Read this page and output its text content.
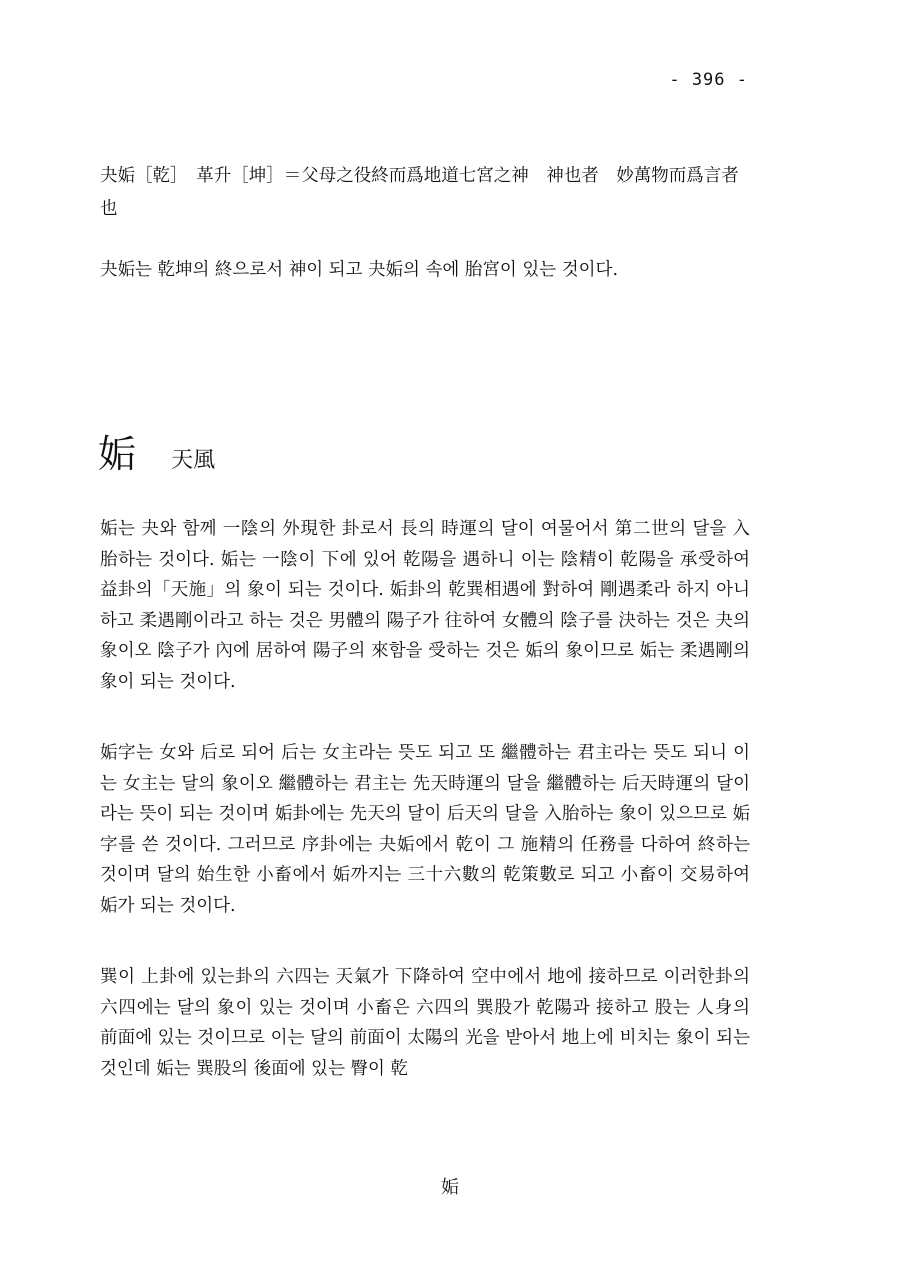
- 396 -
夬姤［乾］　革升［坤］＝父母之役終而爲地道七宮之神　神也者　妙萬物而爲言者也
夬姤는 乾坤의 終으로서 神이 되고 夬姤의 속에 胎宮이 있는 것이다.
姤 天風
姤는 夬와 함께 一陰의 外現한 卦로서 長의 時運의 달이 여물어서 第二世의 달을 入胎하는 것이다. 姤는 一陰이 下에 있어 乾陽을 遇하니 이는 陰精이 乾陽을 承受하여 益卦의「天施」의 象이 되는 것이다. 姤卦의 乾巽相遇에 對하여 剛遇柔라 하지 아니하고 柔遇剛이라고 하는 것은 男體의 陽子가 往하여 女體의 陰子를 決하는 것은 夬의 象이오 陰子가 內에 居하여 陽子의 來함을 受하는 것은 姤의 象이므로 姤는 柔遇剛의 象이 되는 것이다.
姤字는 女와 后로 되어 后는 女主라는 뜻도 되고 또 繼體하는 君主라는 뜻도 되니 이는 女主는 달의 象이오 繼體하는 君主는 先天時運의 달을 繼體하는 后天時運의 달이라는 뜻이 되는 것이며 姤卦에는 先天의 달이 后天의 달을 入胎하는 象이 있으므로 姤字를 쓴 것이다. 그러므로 序卦에는 夬姤에서 乾이 그 施精의 任務를 다하여 終하는 것이며 달의 始生한 小畜에서 姤까지는 三十六數의 乾策數로 되고 小畜이 交易하여 姤가 되는 것이다.
巽이 上卦에 있는卦의 六四는 天氣가 下降하여 空中에서 地에 接하므로 이러한卦의 六四에는 달의 象이 있는 것이며 小畜은 六四의 巽股가 乾陽과 接하고 股는 人身의 前面에 있는 것이므로 이는 달의 前面이 太陽의 光을 받아서 地上에 비치는 象이 되는 것인데 姤는 巽股의 後面에 있는 臀이 乾
姤
